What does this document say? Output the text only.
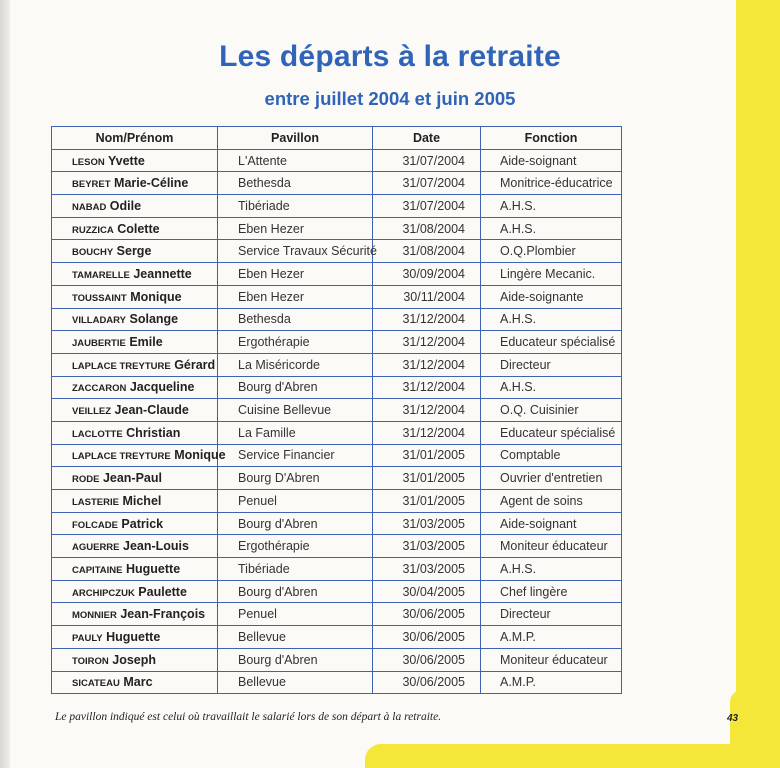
Les départs à la retraite
entre juillet 2004 et juin 2005
Nom/Prénom	Pavillon	Date	Fonction
LESON Yvette	L'Attente	31/07/2004	Aide-soignant
BEYRET Marie-Céline	Bethesda	31/07/2004	Monitrice-éducatrice
NABAD Odile	Tibériade	31/07/2004	A.H.S.
RUZZICA Colette	Eben Hezer	31/08/2004	A.H.S.
BOUCHY Serge	Service Travaux Sécurité	31/08/2004	O.Q.Plombier
TAMARELLE Jeannette	Eben Hezer	30/09/2004	Lingère Mecanic.
TOUSSAINT Monique	Eben Hezer	30/11/2004	Aide-soignante
VILLADARY Solange	Bethesda	31/12/2004	A.H.S.
JAUBERTIE Emile	Ergothérapie	31/12/2004	Educateur spécialisé
LAPLACE TREYTURE Gérard	La Miséricorde	31/12/2004	Directeur
ZACCARON Jacqueline	Bourg d'Abren	31/12/2004	A.H.S.
VEILLEZ Jean-Claude	Cuisine Bellevue	31/12/2004	O.Q. Cuisinier
LACLOTTE Christian	La Famille	31/12/2004	Educateur spécialisé
LAPLACE TREYTURE Monique	Service Financier	31/01/2005	Comptable
RODE Jean-Paul	Bourg D'Abren	31/01/2005	Ouvrier d'entretien
LASTERIE Michel	Penuel	31/01/2005	Agent de soins
FOLCADE Patrick	Bourg d'Abren	31/03/2005	Aide-soignant
AGUERRE Jean-Louis	Ergothérapie	31/03/2005	Moniteur éducateur
CAPITAINE Huguette	Tibériade	31/03/2005	A.H.S.
ARCHIPCZUK Paulette	Bourg d'Abren	30/04/2005	Chef lingère
MONNIER Jean-François	Penuel	30/06/2005	Directeur
PAULY Huguette	Bellevue	30/06/2005	A.M.P.
TOIRON Joseph	Bourg d'Abren	30/06/2005	Moniteur éducateur
SICATEAU Marc	Bellevue	30/06/2005	A.M.P.
Le pavillon indiqué est celui où travaillait le salarié lors de son départ à la retraite.	43
